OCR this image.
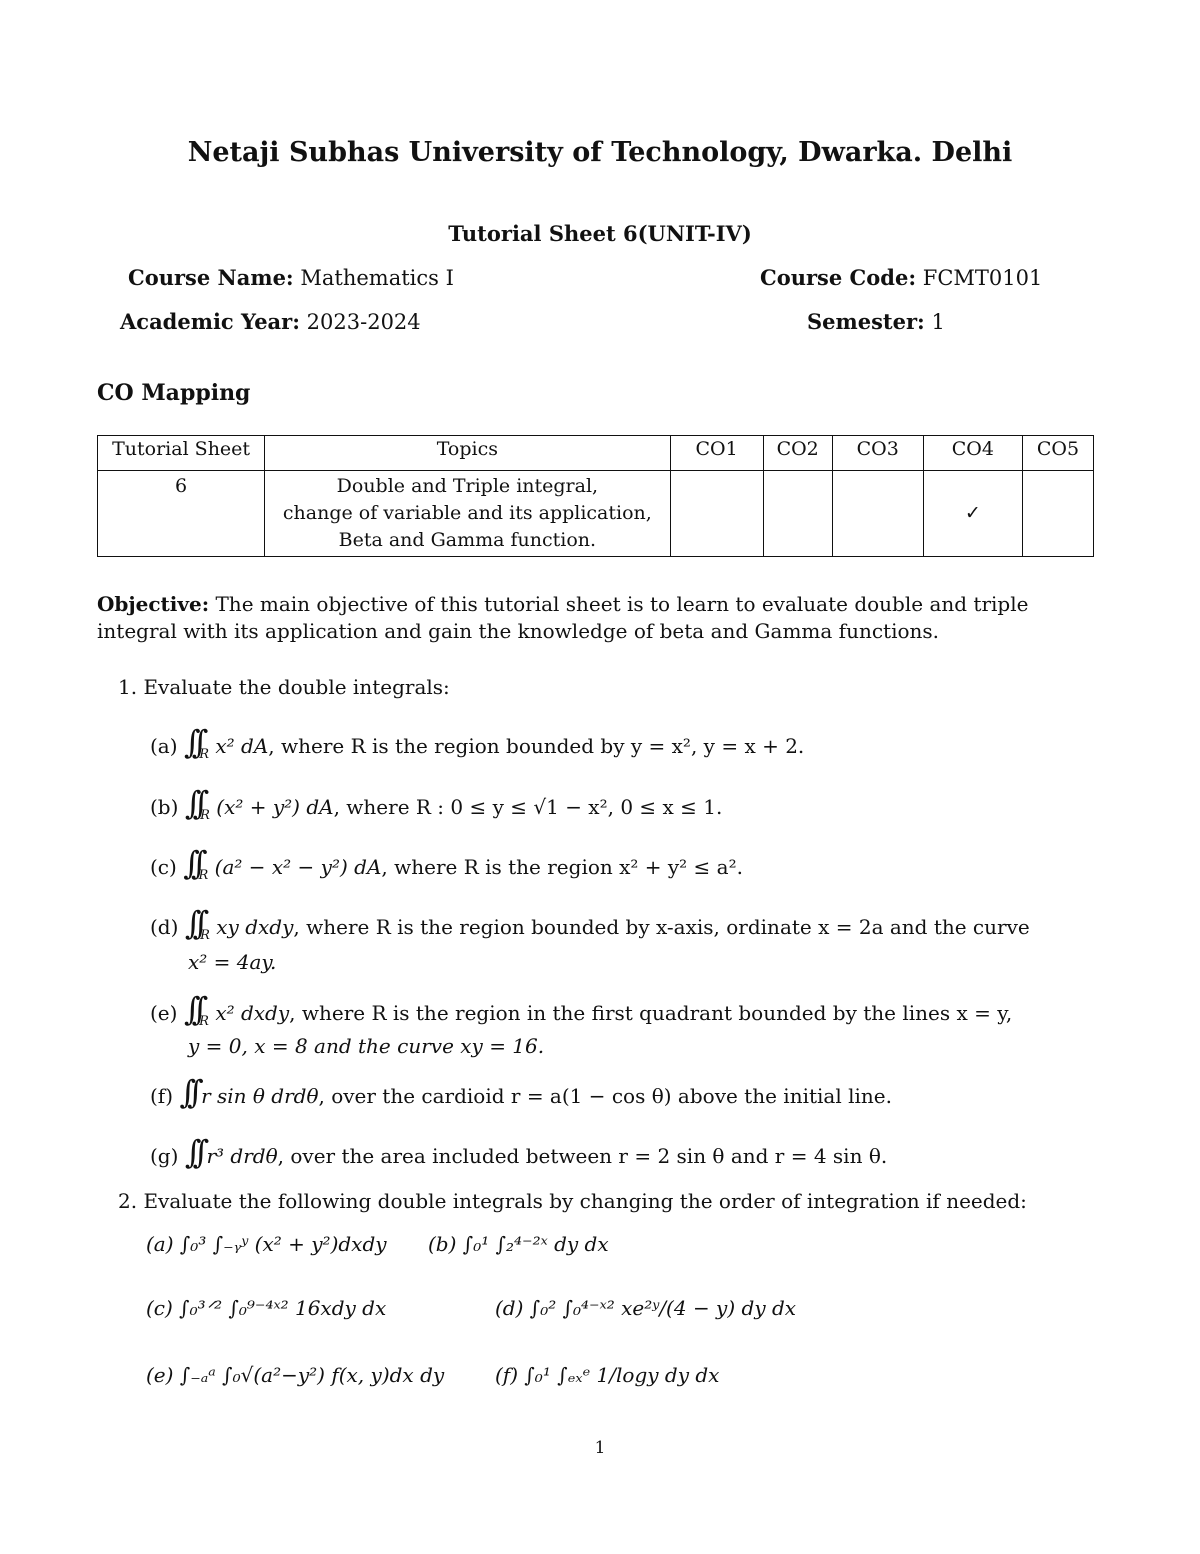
Netaji Subhas University of Technology, Dwarka. Delhi
Tutorial Sheet 6(UNIT-IV)
Course Name: Mathematics I	Course Code: FCMT0101
Academic Year: 2023-2024	Semester: 1
CO Mapping
Tutorial Sheet	Topics	CO1	CO2	CO3	CO4	CO5
6	Double and Triple integral,
change of variable and its application,
Beta and Gamma function.				✓	
Objective: The main objective of this tutorial sheet is to learn to evaluate double and triple integral with its application and gain the knowledge of beta and Gamma functions.
1. Evaluate the double integrals:
(a) $\int\int_R$ x² dA, where R is the region bounded by y = x², y = x + 2.
(b) $\int\int_R$ (x² + y²) dA, where R : 0 ≤ y ≤ √1 − x², 0 ≤ x ≤ 1.
(c) $\int\int_R$ (a² − x² − y²) dA, where R is the region x² + y² ≤ a².
(d) $\int\int_R$ xy dxdy, where R is the region bounded by x-axis, ordinate x = 2a and the curve
x² = 4ay.
(e) $\int\int_R$ x² dxdy, where R is the region in the first quadrant bounded by the lines x = y,
y = 0, x = 8 and the curve xy = 16.
(f) ∫∫ r sin θ drdθ, over the cardioid r = a(1 − cos θ) above the initial line.
(g) ∫∫ r³ drdθ, over the area included between r = 2 sin θ and r = 4 sin θ.
2. Evaluate the following double integrals by changing the order of integration if needed:
(a) ∫₀³ ∫₋ᵧʸ (x² + y²)dxdy (b) ∫₀¹ ∫₂⁴⁻²ˣ dy dx
(c) ∫₀³ᐟ² ∫₀⁹⁻⁴ˣ² 16xdy dx	(d) ∫₀² ∫₀⁴⁻ˣ² xe²ʸ/(4 − y) dy dx
(e) ∫₋ₐᵃ ∫₀√(a²−y²) f(x, y)dx dy	(f) ∫₀¹ ∫ₑₓᵉ 1/logy dy dx
1
